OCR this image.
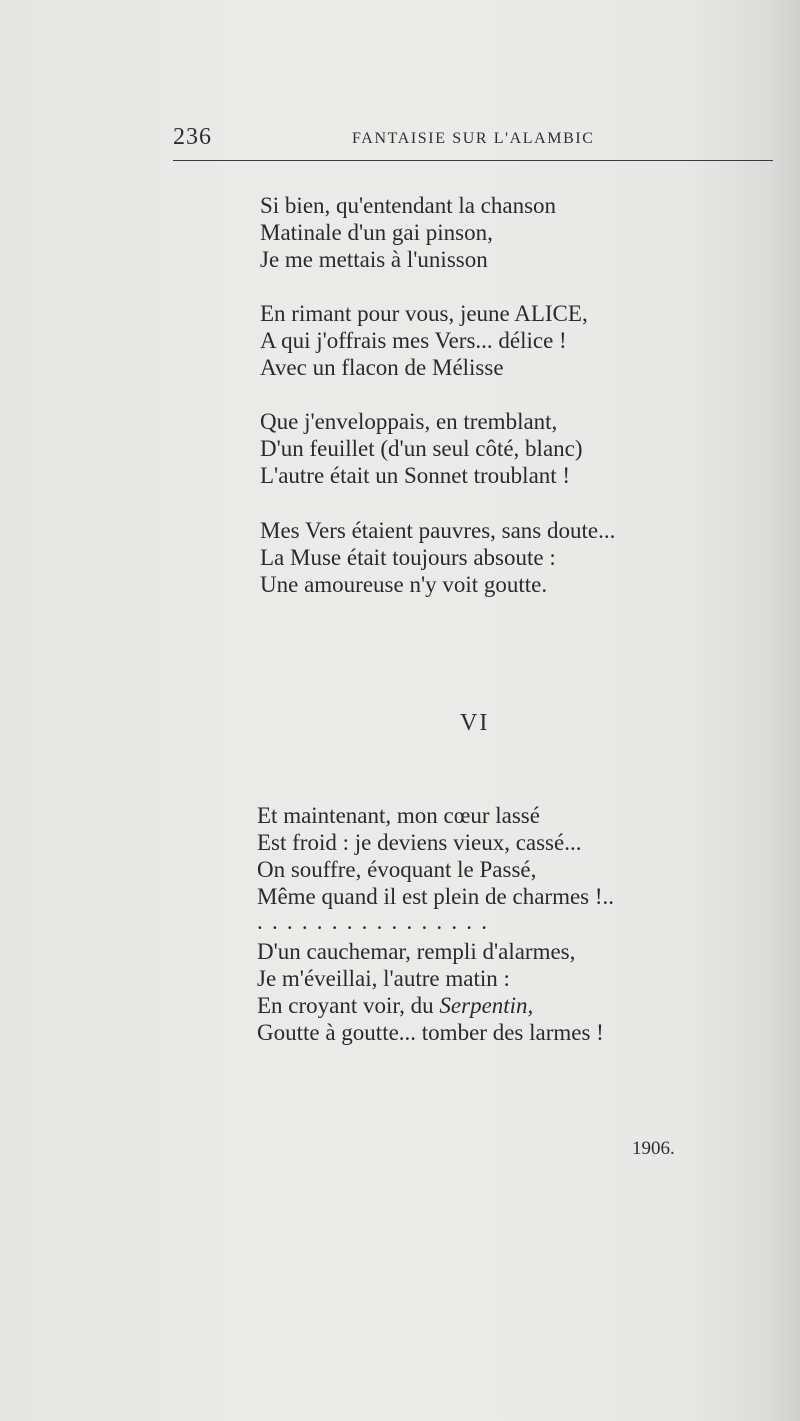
236	FANTAISIE SUR L'ALAMBIC
Si bien, qu'entendant la chanson
Matinale d'un gai pinson,
Je me mettais à l'unisson
En rimant pour vous, jeune ALICE,
A qui j'offrais mes Vers... délice !
Avec un flacon de Mélisse
Que j'enveloppais, en tremblant,
D'un feuillet (d'un seul côté, blanc)
L'autre était un Sonnet troublant !
Mes Vers étaient pauvres, sans doute...
La Muse était toujours absoute :
Une amoureuse n'y voit goutte.
VI
Et maintenant, mon cœur lassé
Est froid : je deviens vieux, cassé...
On souffre, évoquant le Passé,
Même quand il est plein de charmes !..
................
D'un cauchemar, rempli d'alarmes,
Je m'éveillai, l'autre matin :
En croyant voir, du Serpentin,
Goutte à goutte... tomber des larmes !
1906.
